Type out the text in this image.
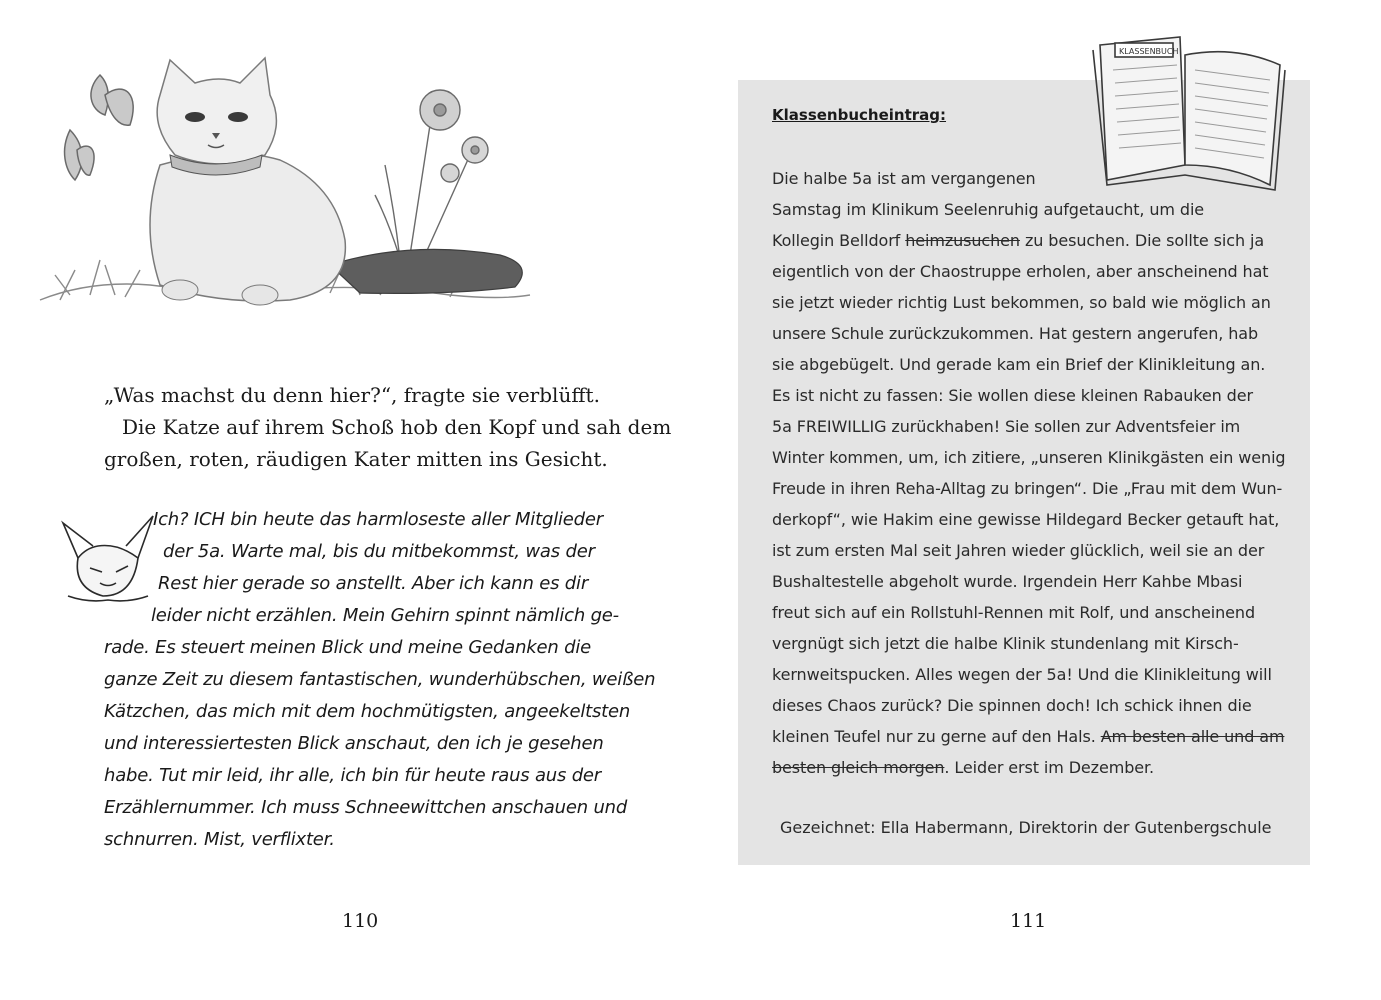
„Was machst du denn hier?“, fragte sie verblüfft.
Die Katze auf ihrem Schoß hob den Kopf und sah dem
großen, roten, räudigen Kater mitten ins Gesicht.
Ich? ICH bin heute das harmloseste aller Mitglieder
der 5a. Warte mal, bis du mitbekommst, was der
Rest hier gerade so anstellt. Aber ich kann es dir
leider nicht erzählen. Mein Gehirn spinnt nämlich ge-
rade. Es steuert meinen Blick und meine Gedanken die
ganze Zeit zu diesem fantastischen, wunderhübschen, weißen
Kätzchen, das mich mit dem hochmütigsten, angeekeltsten
und interessiertesten Blick anschaut, den ich je gesehen
habe. Tut mir leid, ihr alle, ich bin für heute raus aus der
Erzählernummer. Ich muss Schneewittchen anschauen und
schnurren. Mist, verflixter.
110
KLASSENBUCH
Klassenbucheintrag:
Die halbe 5a ist am vergangenen
Samstag im Klinikum Seelenruhig aufgetaucht, um die
Kollegin Belldorf heimzusuchen zu besuchen. Die sollte sich ja
eigentlich von der Chaostruppe erholen, aber anscheinend hat
sie jetzt wieder richtig Lust bekommen, so bald wie möglich an
unsere Schule zurückzukommen. Hat gestern angerufen, hab
sie abgebügelt. Und gerade kam ein Brief der Klinikleitung an.
Es ist nicht zu fassen: Sie wollen diese kleinen Rabauken der
5a FREIWILLIG zurückhaben! Sie sollen zur Adventsfeier im
Winter kommen, um, ich zitiere, „unseren Klinikgästen ein wenig
Freude in ihren Reha-Alltag zu bringen“. Die „Frau mit dem Wun-
derkopf“, wie Hakim eine gewisse Hildegard Becker getauft hat,
ist zum ersten Mal seit Jahren wieder glücklich, weil sie an der
Bushaltestelle abgeholt wurde. Irgendein Herr Kahbe Mbasi
freut sich auf ein Rollstuhl-Rennen mit Rolf, und anscheinend
vergnügt sich jetzt die halbe Klinik stundenlang mit Kirsch-
kernweitspucken. Alles wegen der 5a! Und die Klinikleitung will
dieses Chaos zurück? Die spinnen doch! Ich schick ihnen die
kleinen Teufel nur zu gerne auf den Hals. Am besten alle und am
besten gleich morgen. Leider erst im Dezember.
Gezeichnet: Ella Habermann, Direktorin der Gutenbergschule
111
